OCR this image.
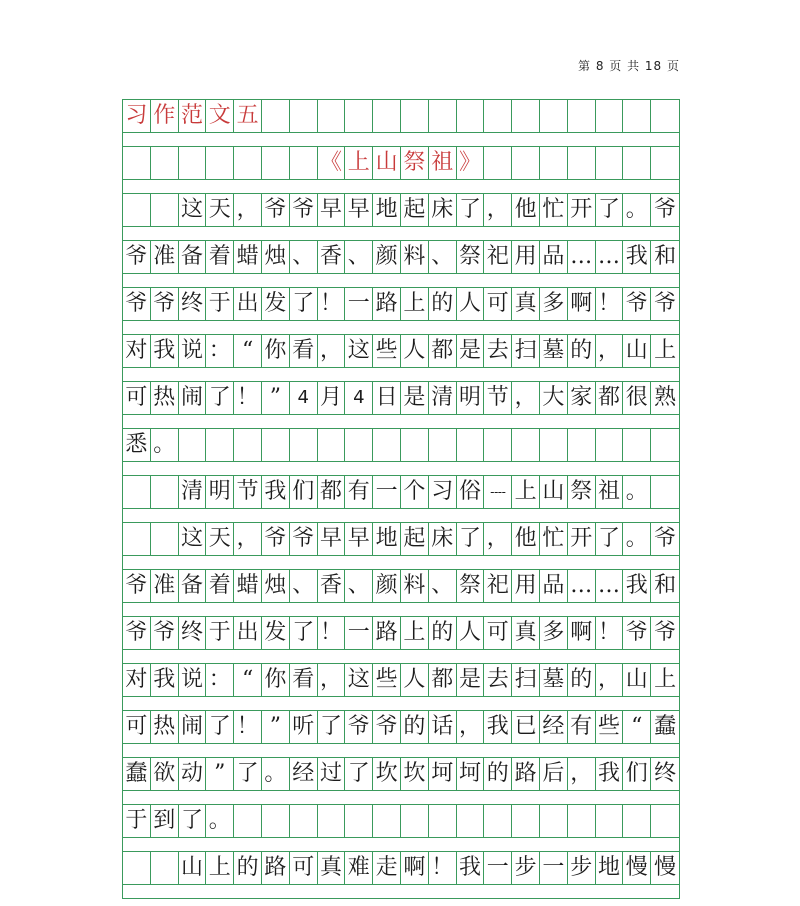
第 8 页 共 18 页
习 作 范 文 五
《 上 山 祭 祖 》
这 天 ， 爷 爷 早 早 地 起 床 了 ， 他 忙 开 了 。 爷
爷 准 备 着 蜡 烛 、 香 、 颜 料 、 祭 祀 用 品 … … 我 和
爷 爷 终 于 出 发 了 ！ 一 路 上 的 人 可 真 多 啊 ！ 爷 爷
对 我 说 ： “ 你 看 ， 这 些 人 都 是 去 扫 墓 的 ， 山 上
可 热 闹 了 ！ ” 4 月 4 日 是 清 明 节 ， 大 家 都 很 熟
悉 。
清 明 节 我 们 都 有 一 个 习 俗 ---- 上 山 祭 祖 。
这 天 ， 爷 爷 早 早 地 起 床 了 ， 他 忙 开 了 。 爷
爷 准 备 着 蜡 烛 、 香 、 颜 料 、 祭 祀 用 品 … … 我 和
爷 爷 终 于 出 发 了 ！ 一 路 上 的 人 可 真 多 啊 ！ 爷 爷
对 我 说 ： “ 你 看 ， 这 些 人 都 是 去 扫 墓 的 ， 山 上
可 热 闹 了 ！ ” 听 了 爷 爷 的 话 ， 我 已 经 有 些 “ 蠢
蠢 欲 动 ” 了 。 经 过 了 坎 坎 坷 坷 的 路 后 ， 我 们 终
于 到 了 。
山 上 的 路 可 真 难 走 啊 ！ 我 一 步 一 步 地 慢 慢
